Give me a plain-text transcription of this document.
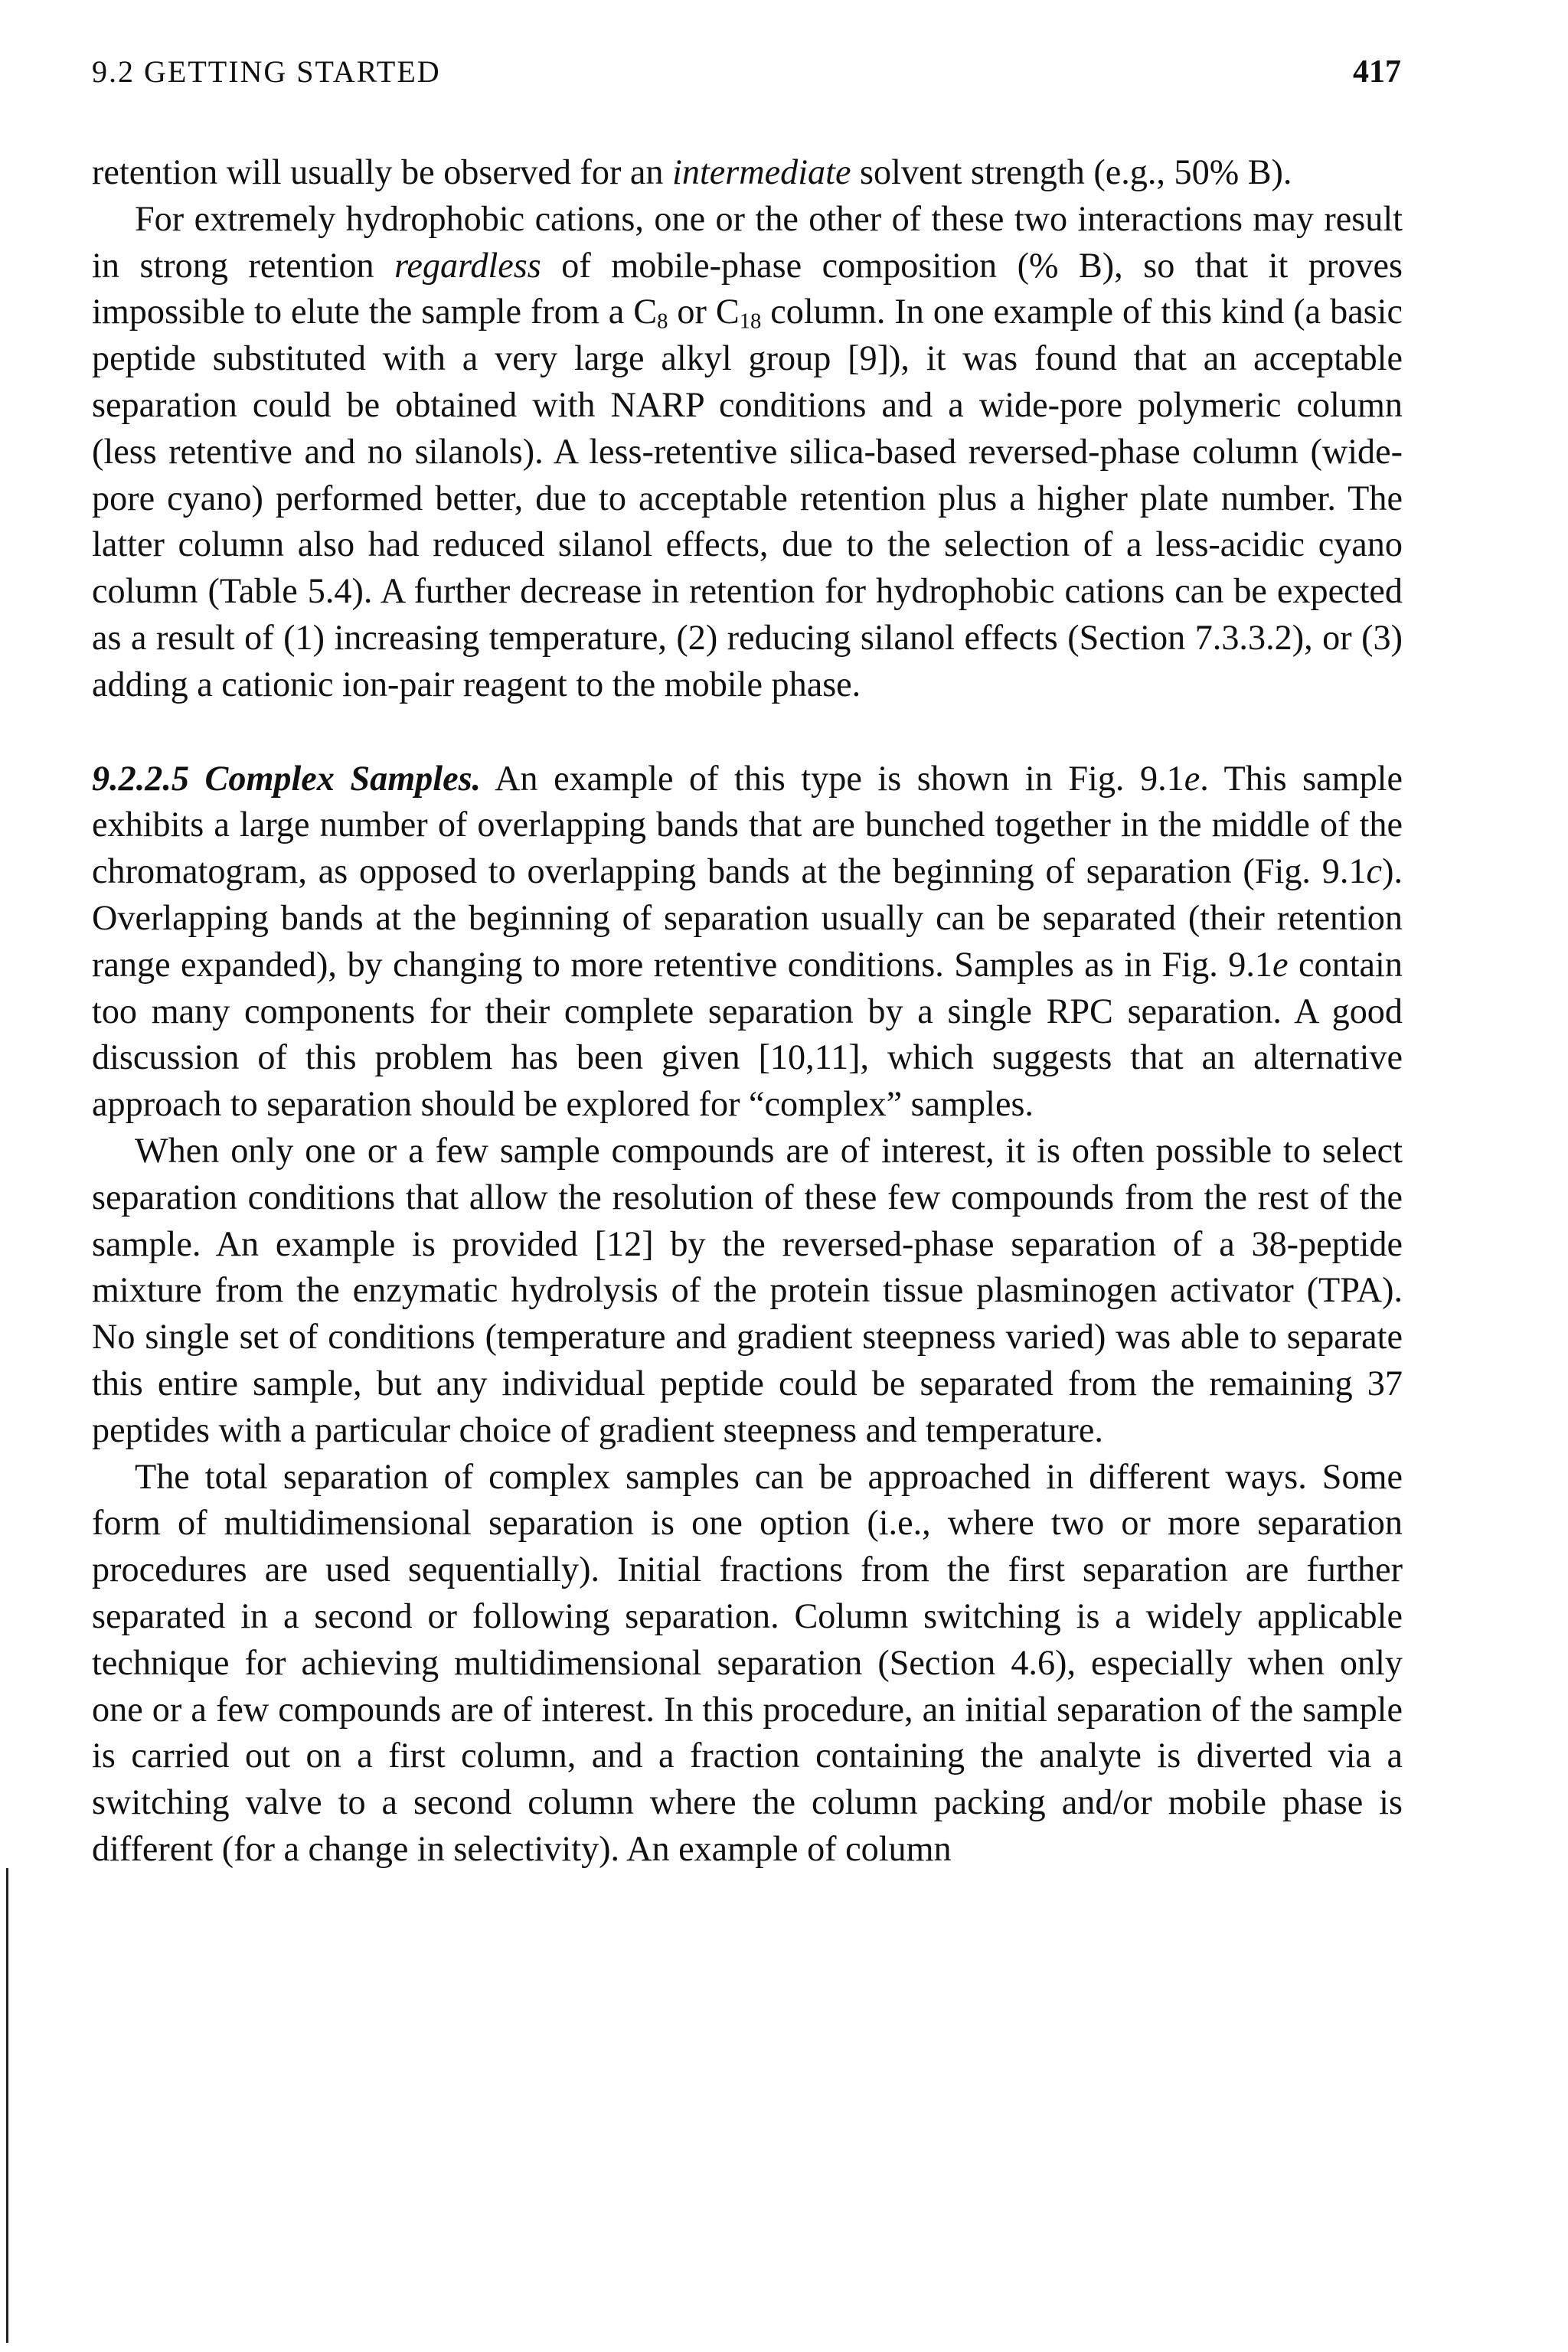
9.2 GETTING STARTED	417

retention will usually be observed for an intermediate solvent strength (e.g., 50% B).

For extremely hydrophobic cations, one or the other of these two interactions may result in strong retention regardless of mobile-phase composition (% B), so that it proves impossible to elute the sample from a $C_8$ or $C_{18}$ column. In one example of this kind (a basic peptide substituted with a very large alkyl group [9]), it was found that an acceptable separation could be obtained with NARP conditions and a wide-pore polymeric column (less retentive and no silanols). A less-retentive silica-based reversed-phase column (wide-pore cyano) performed better, due to acceptable retention plus a higher plate number. The latter column also had reduced silanol effects, due to the selection of a less-acidic cyano column (Table 5.4). A further decrease in retention for hydrophobic cations can be expected as a result of (1) increasing temperature, (2) reducing silanol effects (Section 7.3.3.2), or (3) adding a cationic ion-pair reagent to the mobile phase.

9.2.2.5 Complex Samples. An example of this type is shown in Fig. 9.1e. This sample exhibits a large number of overlapping bands that are bunched together in the middle of the chromatogram, as opposed to overlapping bands at the beginning of separation (Fig. 9.1c). Overlapping bands at the beginning of separation usually can be separated (their retention range expanded), by changing to more retentive conditions. Samples as in Fig. 9.1e contain too many components for their complete separation by a single RPC separation. A good discussion of this problem has been given [10,11], which suggests that an alternative approach to separation should be explored for “complex” samples.

When only one or a few sample compounds are of interest, it is often possible to select separation conditions that allow the resolution of these few compounds from the rest of the sample. An example is provided [12] by the reversed-phase separation of a 38-peptide mixture from the enzymatic hydrolysis of the protein tissue plasminogen activator (TPA). No single set of conditions (temperature and gradient steepness varied) was able to separate this entire sample, but any individual peptide could be separated from the remaining 37 peptides with a particular choice of gradient steepness and temperature.

The total separation of complex samples can be approached in different ways. Some form of multidimensional separation is one option (i.e., where two or more separation procedures are used sequentially). Initial fractions from the first separation are further separated in a second or following separation. Column switching is a widely applicable technique for achieving multidimensional separation (Section 4.6), especially when only one or a few compounds are of interest. In this procedure, an initial separation of the sample is carried out on a first column, and a fraction containing the analyte is diverted via a switching valve to a second column where the column packing and/or mobile phase is different (for a change in selectivity). An example of column
